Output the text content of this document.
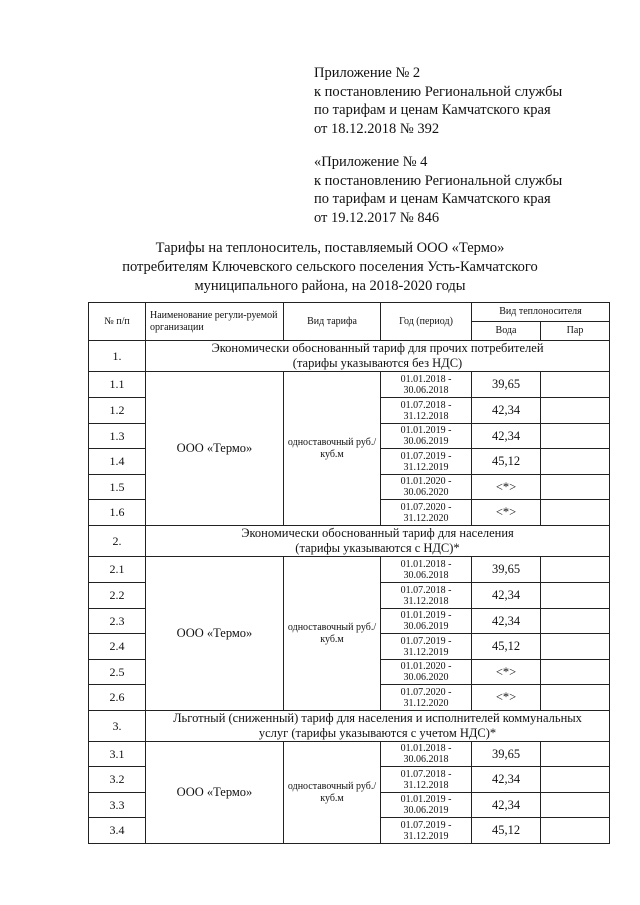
Приложение № 2
к постановлению Региональной службы
по тарифам и ценам Камчатского края
от 18.12.2018 № 392
«Приложение № 4
к постановлению Региональной службы
по тарифам и ценам Камчатского края
от 19.12.2017 № 846
Тарифы на теплоноситель, поставляемый ООО «Термо»
потребителям Ключевского сельского поселения Усть-Камчатского
муниципального района, на 2018-2020 годы
№ п/п	Наименование регули-руемой организации	Вид тарифа	Год (период)	Вид теплоносителя	
				Вода	Пар
1.	Экономически обоснованный тариф для прочих потребителей
(тарифы указываются без НДС)				

1.1	ООО «Термо»	одноставочный руб./куб.м	01.01.2018 -
30.06.2018	39,65	
1.2			01.07.2018 -
31.12.2018	42,34	
1.3			01.01.2019 -
30.06.2019	42,34	
1.4			01.07.2019 -
31.12.2019	45,12	
1.5			01.01.2020 -
30.06.2020	<*>	
1.6			01.07.2020 -
31.12.2020	<*>	
2.	Экономически обоснованный тариф для населения
(тарифы указываются с НДС)*				

2.1	ООО «Термо»	одноставочный руб./куб.м	01.01.2018 -
30.06.2018	39,65	
2.2			01.07.2018 -
31.12.2018	42,34	
2.3			01.01.2019 -
30.06.2019	42,34	
2.4			01.07.2019 -
31.12.2019	45,12	
2.5			01.01.2020 -
30.06.2020	<*>	
2.6			01.07.2020 -
31.12.2020	<*>	
3.	Льготный (сниженный) тариф для населения и исполнителей коммунальных
услуг (тарифы указываются с учетом НДС)*				

3.1	ООО «Термо»	одноставочный руб./куб.м	01.01.2018 -
30.06.2018	39,65	
3.2			01.07.2018 -
31.12.2018	42,34	
3.3			01.01.2019 -
30.06.2019	42,34	
3.4			01.07.2019 -
31.12.2019	45,12	
